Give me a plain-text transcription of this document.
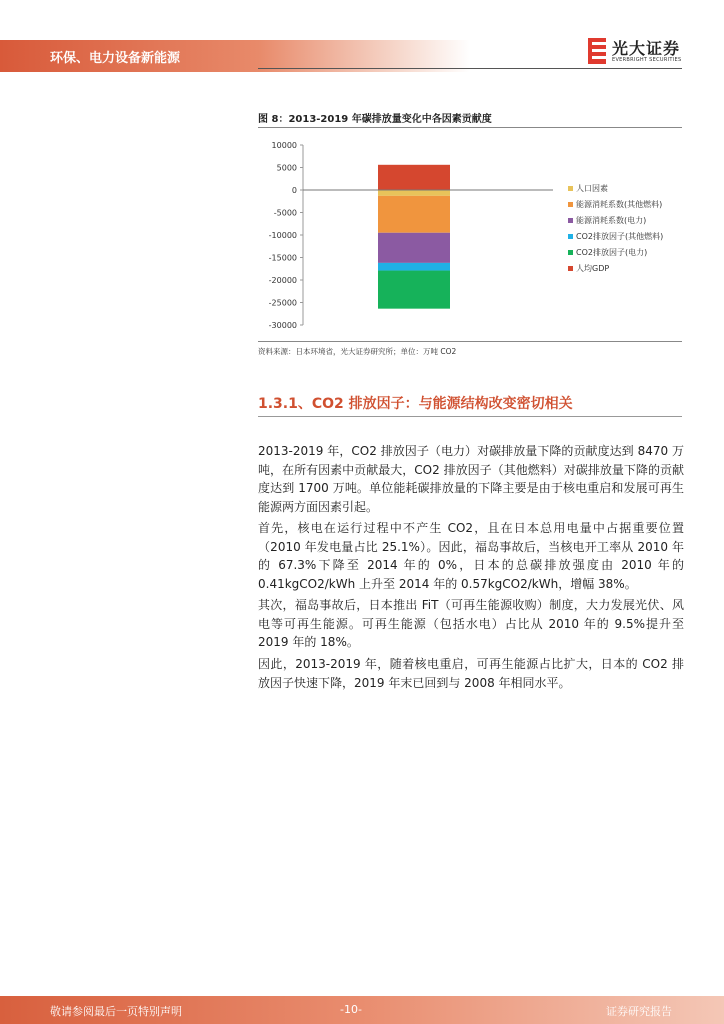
环保、电力设备新能源
光大证券
EVERBRIGHT SECURITIES
图 8：2013-2019 年碳排放量变化中各因素贡献度
10000
5000
0
-5000
-10000
-15000
-20000
-25000
-30000
人口因素
能源消耗系数(其他燃料)
能源消耗系数(电力)
CO2排放因子(其他燃料)
CO2排放因子(电力)
人均GDP
资料来源：日本环境省，光大证券研究所；单位：万吨 CO2
1.3.1、CO2 排放因子：与能源结构改变密切相关
2013-2019 年，CO2 排放因子（电力）对碳排放量下降的贡献度达到 8470 万吨，在所有因素中贡献最大，CO2 排放因子（其他燃料）对碳排放量下降的贡献度达到 1700 万吨。单位能耗碳排放量的下降主要是由于核电重启和发展可再生能源两方面因素引起。
首先，核电在运行过程中不产生 CO2，且在日本总用电量中占据重要位置（2010 年发电量占比 25.1%）。因此，福岛事故后，当核电开工率从 2010 年的 67.3%下降至 2014 年的 0%，日本的总碳排放强度由 2010 年的 0.41kgCO2/kWh 上升至 2014 年的 0.57kgCO2/kWh，增幅 38%。
其次，福岛事故后，日本推出 FiT（可再生能源收购）制度，大力发展光伏、风电等可再生能源。可再生能源（包括水电）占比从 2010 年的 9.5%提升至 2019 年的 18%。
因此，2013-2019 年，随着核电重启，可再生能源占比扩大，日本的 CO2 排放因子快速下降，2019 年末已回到与 2008 年相同水平。
敬请参阅最后一页特别声明	-10-	证券研究报告
